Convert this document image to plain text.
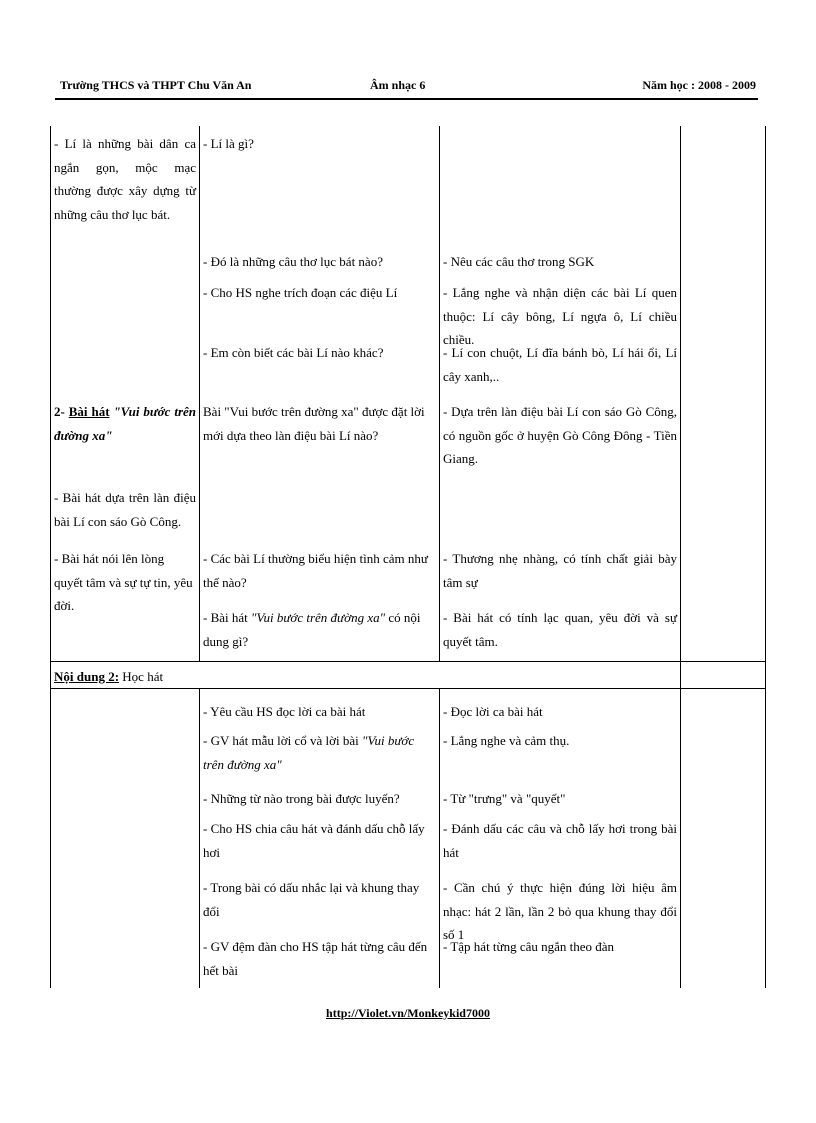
Trường THCS và THPT Chu Văn An	Âm nhạc 6	Năm học : 2008 - 2009

- Lí là những bài dân ca ngắn gọn, mộc mạc thường được xây dựng từ những câu thơ lục bát.

2- Bài hát "Vui bước trên đường xa"

- Bài hát dựa trên làn điệu bài Lí con sáo Gò Công.

- Bài hát nói lên lòng quyết tâm và sự tự tin, yêu đời.

Nội dung 2: Học hát

- Lí là gì?

- Đó là những câu thơ lục bát nào?

- Cho HS nghe trích đoạn các điệu Lí

- Em còn biết các bài Lí nào khác?

Bài "Vui bước trên đường xa" được đặt lời mới dựa theo làn điệu bài Lí nào?

- Các bài Lí thường biểu hiện tình cảm như thế nào?

- Bài hát "Vui bước trên đường xa" có nội dung gì?

- Yêu cầu HS đọc lời ca bài hát

- GV hát mẫu lời cổ và lời bài "Vui bước trên đường xa"

- Những từ nào trong bài được luyến?

- Cho HS chia câu hát và đánh dấu chỗ lấy hơi

- Trong bài có dấu nhắc lại và khung thay đổi

- GV đệm đàn cho HS tập hát từng câu đến hết bài

- Nêu các câu thơ trong SGK

- Lắng nghe và nhận diện các bài Lí quen thuộc: Lí cây bông, Lí ngựa ô, Lí chiều chiều.

- Lí con chuột, Lí đĩa bánh bò, Lí hái ổi, Lí cây xanh,..

- Dựa trên làn điệu bài Lí con sáo Gò Công, có nguồn gốc ở huyện Gò Công Đông - Tiền Giang.

- Thương nhẹ nhàng, có tính chất giải bày tâm sự

- Bài hát có tính lạc quan, yêu đời và sự quyết tâm.

- Đọc lời ca bài hát

- Lắng nghe và cảm thụ.

- Từ "trưng" và "quyết"

- Đánh dấu các câu và chỗ lấy hơi trong bài hát

- Cần chú ý thực hiện đúng lời hiệu âm nhạc: hát 2 lần, lần 2 bỏ qua khung thay đổi số 1

- Tập hát từng câu ngắn theo đàn

http://Violet.vn/Monkeykid7000
